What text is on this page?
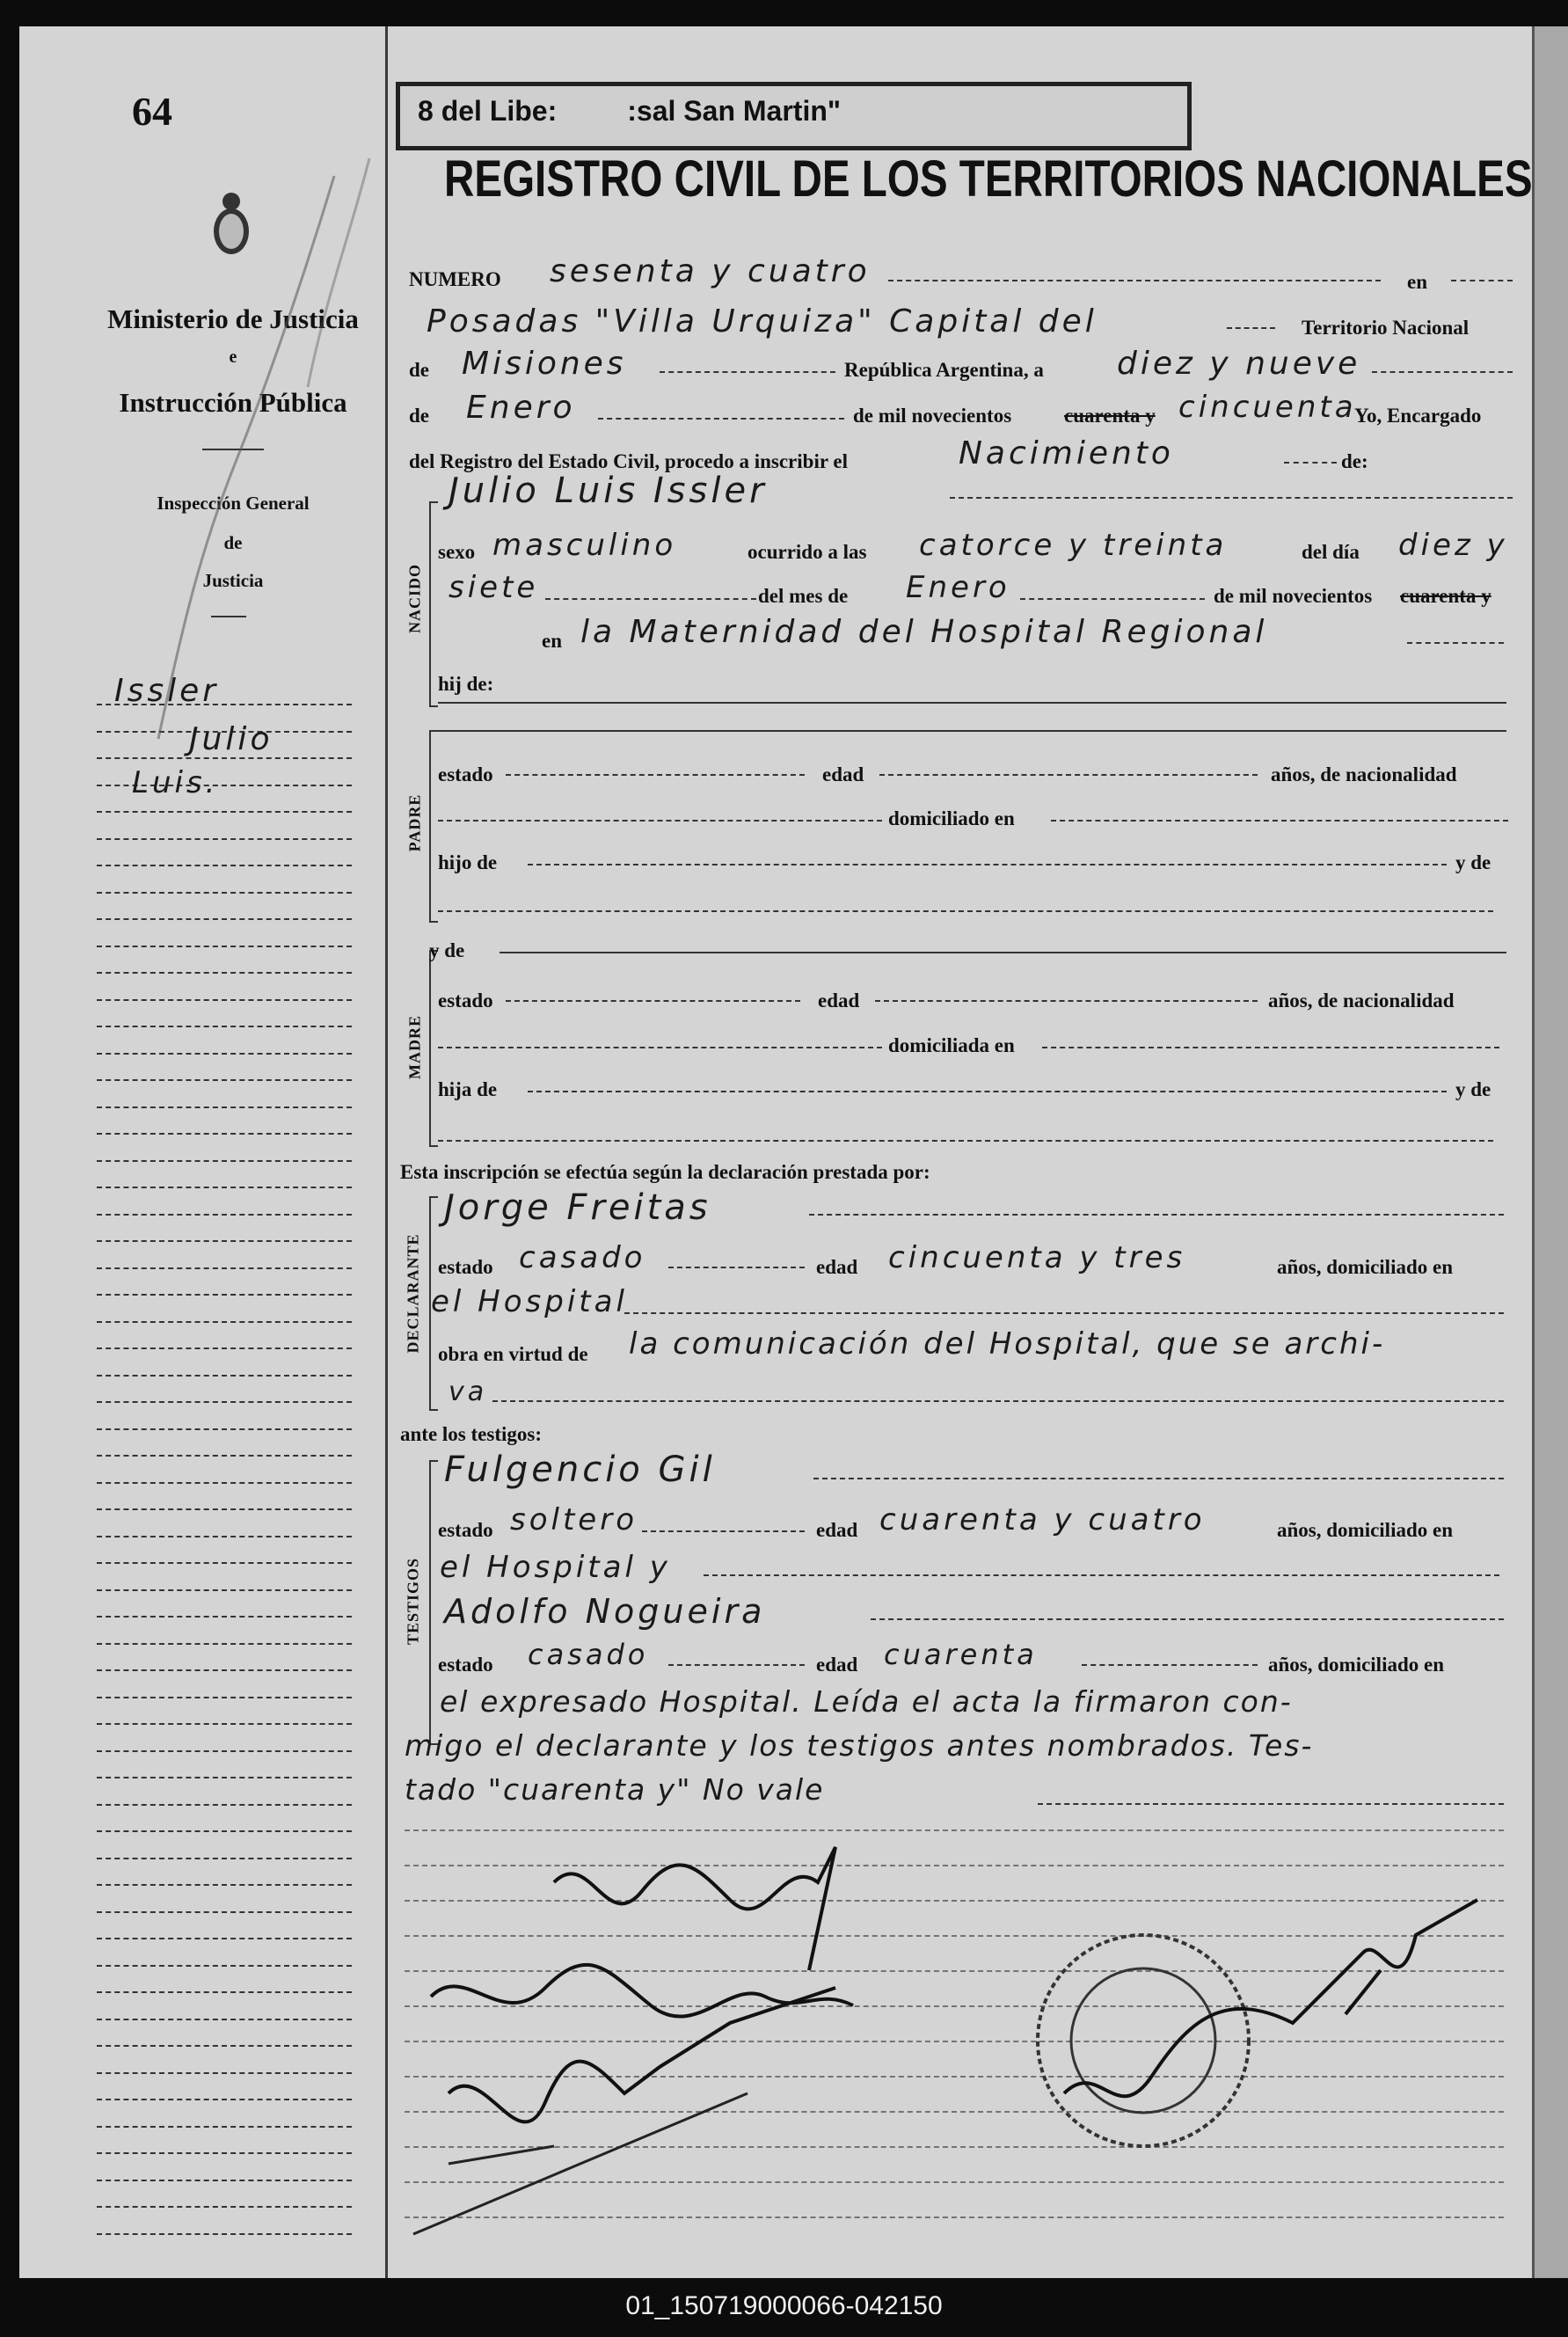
64
Ministerio de Justicia
e
Instrucción Pública
Inspección General
de
Justicia
Issler
Julio
Luis.
8 del Libe:         :sal San Martin"
REGISTRO CIVIL DE LOS TERRITORIOS NACIONALES
NUMERO sesenta y cuatro	en
Posadas "Villa Urquiza" Capital del	Territorio Nacional
de Misiones	República Argentina, a diez y nueve
de Enero	de mil novecientos	cuarenta y cincuenta
Yo, Encargado
del Registro del Estado Civil, procedo a inscribir el	Nacimiento	de:
NACIDO
Julio Luis Issler
sexo masculino	ocurrido a las catorce y treinta	del día diez y
siete	del mes de Enero	de mil novecientos cuarenta y
en la Maternidad del Hospital Regional
hij de:
PADRE
estado	edad	años, de nacionalidad
domiciliado en
hijo de	y de
MADRE
y de
estado	edad	años, de nacionalidad
domiciliada en
hija de	y de
Esta inscripción se efectúa según la declaración prestada por:
DECLARANTE
Jorge Freitas
estado casado	edad cincuenta y tres	años, domiciliado en
el Hospital
obra en virtud de la comunicación del Hospital, que se archi-
va
ante los testigos:
TESTIGOS
Fulgencio Gil
estado soltero	edad cuarenta y cuatro	años, domiciliado en
el Hospital y
Adolfo Nogueira
estado casado	edad cuarenta	años, domiciliado en
el expresado Hospital. Leída el acta la firmaron con-
migo el declarante y los testigos antes nombrados. Tes-
tado "cuarenta y" No vale
01_150719000066-042150
